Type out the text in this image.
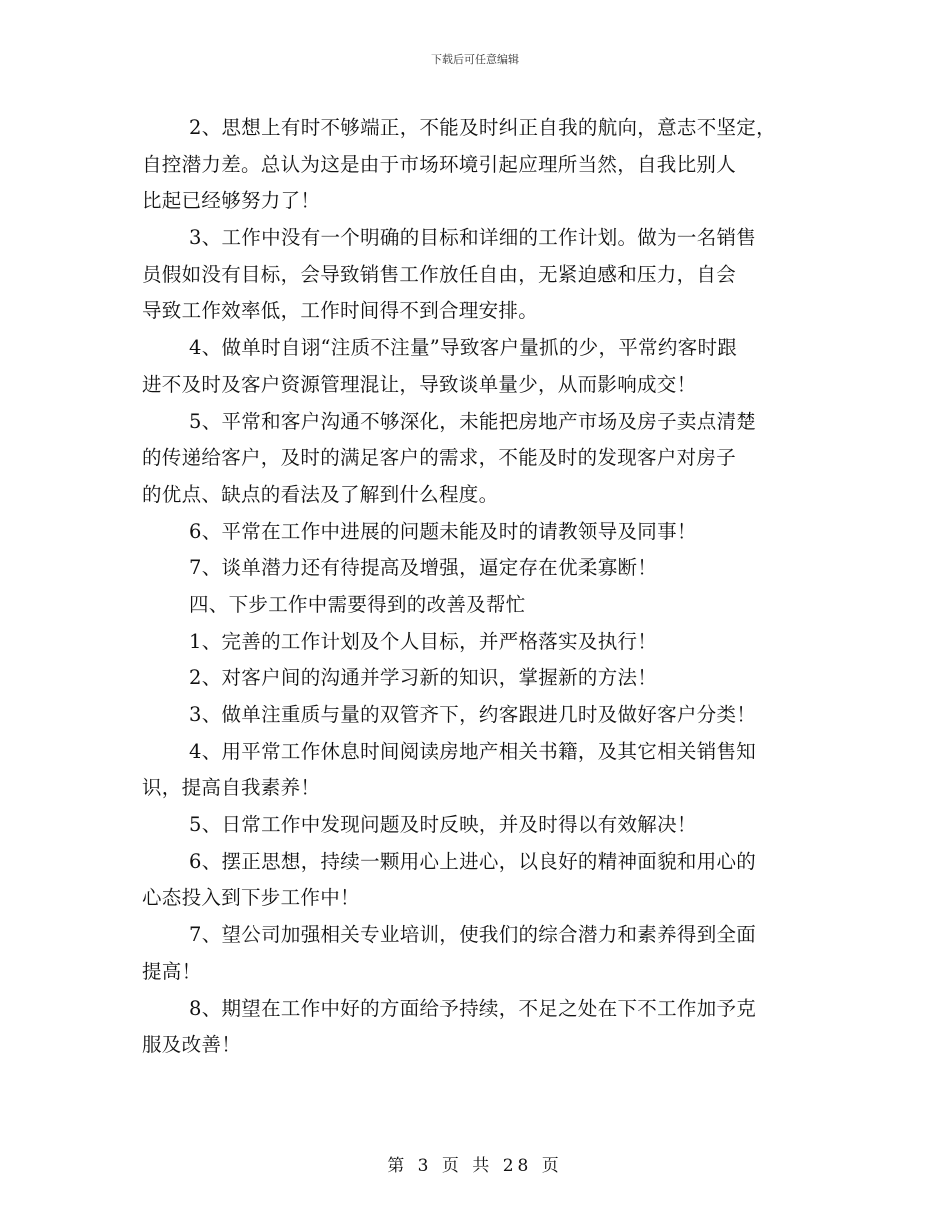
下载后可任意编辑
2、思想上有时不够端正，不能及时纠正自我的航向，意志不坚定，
自控潜力差。总认为这是由于市场环境引起应理所当然，自我比别人
比起已经够努力了！
3、工作中没有一个明确的目标和详细的工作计划。做为一名销售
员假如没有目标，会导致销售工作放任自由，无紧迫感和压力，自会
导致工作效率低，工作时间得不到合理安排。
4、做单时自诩“注质不注量”导致客户量抓的少，平常约客时跟
进不及时及客户资源管理混让，导致谈单量少，从而影响成交！
5、平常和客户沟通不够深化，未能把房地产市场及房子卖点清楚
的传递给客户，及时的满足客户的需求，不能及时的发现客户对房子
的优点、缺点的看法及了解到什么程度。
6、平常在工作中进展的问题未能及时的请教领导及同事！
7、谈单潜力还有待提高及增强，逼定存在优柔寡断！
四、下步工作中需要得到的改善及帮忙
1、完善的工作计划及个人目标，并严格落实及执行！
2、对客户间的沟通并学习新的知识，掌握新的方法！
3、做单注重质与量的双管齐下，约客跟进几时及做好客户分类！
4、用平常工作休息时间阅读房地产相关书籍，及其它相关销售知
识，提高自我素养！
5、日常工作中发现问题及时反映，并及时得以有效解决！
6、摆正思想，持续一颗用心上进心，以良好的精神面貌和用心的
心态投入到下步工作中！
7、望公司加强相关专业培训，使我们的综合潜力和素养得到全面
提高！
8、期望在工作中好的方面给予持续，不足之处在下不工作加予克
服及改善！
第 3 页 共 28 页
